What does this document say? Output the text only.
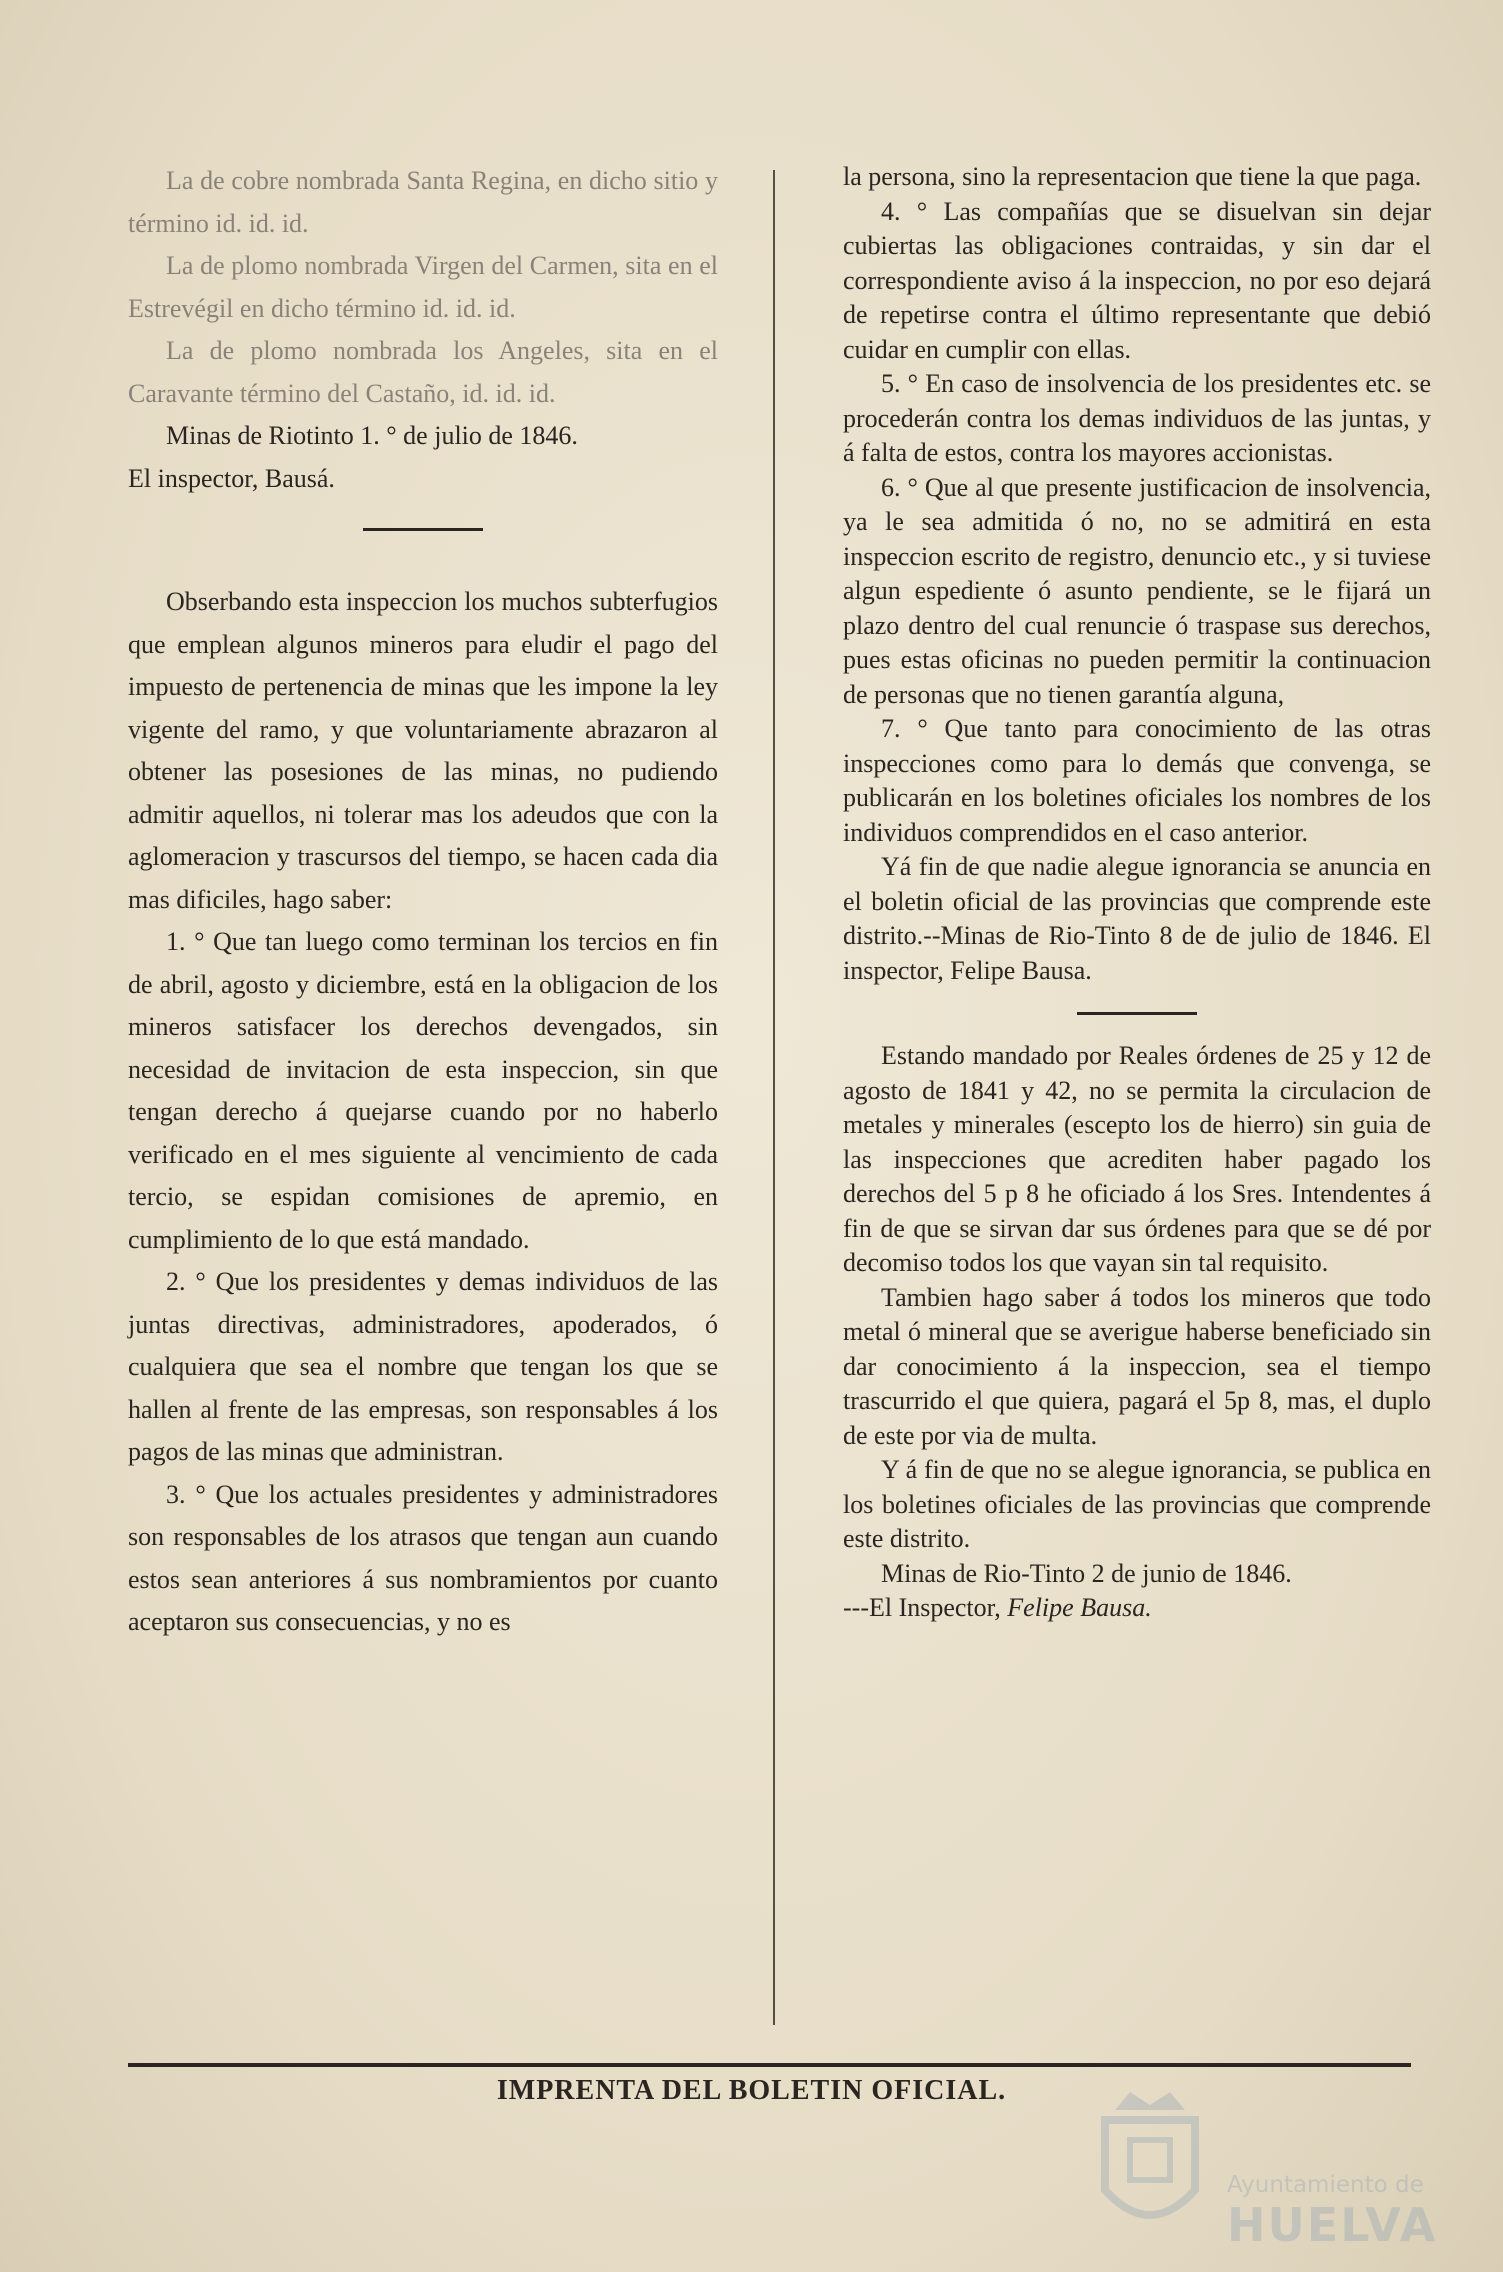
La de cobre nombrada Santa Regina, en dicho sitio y término id. id. id.

La de plomo nombrada Virgen del Carmen, sita en el Estrevégil en dicho término id. id. id.

La de plomo nombrada los Angeles, sita en el Caravante término del Castaño, id. id. id.

Minas de Riotinto 1. ° de julio de 1846.

El inspector, Bausá.

Obserbando esta inspeccion los muchos subterfugios que emplean algunos mineros para eludir el pago del impuesto de pertenencia de minas que les impone la ley vigente del ramo, y que voluntariamente abrazaron al obtener las posesiones de las minas, no pudiendo admitir aquellos, ni tolerar mas los adeudos que con la aglomeracion y trascursos del tiempo, se hacen cada dia mas dificiles, hago saber:

1. ° Que tan luego como terminan los tercios en fin de abril, agosto y diciembre, está en la obligacion de los mineros satisfacer los derechos devengados, sin necesidad de invitacion de esta inspeccion, sin que tengan derecho á quejarse cuando por no haberlo verificado en el mes siguiente al vencimiento de cada tercio, se espidan comisiones de apremio, en cumplimiento de lo que está mandado.

2. ° Que los presidentes y demas individuos de las juntas directivas, administradores, apoderados, ó cualquiera que sea el nombre que tengan los que se hallen al frente de las empresas, son responsables á los pagos de las minas que administran.

3. ° Que los actuales presidentes y administradores son responsables de los atrasos que tengan aun cuando estos sean anteriores á sus nombramientos por cuanto aceptaron sus consecuencias, y no es

la persona, sino la representacion que tiene la que paga.

4. ° Las compañías que se disuelvan sin dejar cubiertas las obligaciones contraidas, y sin dar el correspondiente aviso á la inspeccion, no por eso dejará de repetirse contra el último representante que debió cuidar en cumplir con ellas.

5. ° En caso de insolvencia de los presidentes etc. se procederán contra los demas individuos de las juntas, y á falta de estos, contra los mayores accionistas.

6. ° Que al que presente justificacion de insolvencia, ya le sea admitida ó no, no se admitirá en esta inspeccion escrito de registro, denuncio etc., y si tuviese algun espediente ó asunto pendiente, se le fijará un plazo dentro del cual renuncie ó traspase sus derechos, pues estas oficinas no pueden permitir la continuacion de personas que no tienen garantía alguna,

7. ° Que tanto para conocimiento de las otras inspecciones como para lo demás que convenga, se publicarán en los boletines oficiales los nombres de los individuos comprendidos en el caso anterior.

Yá fin de que nadie alegue ignorancia se anuncia en el boletin oficial de las provincias que comprende este distrito.--Minas de Rio-Tinto 8 de de julio de 1846. El inspector, Felipe Bausa.

Estando mandado por Reales órdenes de 25 y 12 de agosto de 1841 y 42, no se permita la circulacion de metales y minerales (escepto los de hierro) sin guia de las inspecciones que acrediten haber pagado los derechos del 5 p 8 he oficiado á los Sres. Intendentes á fin de que se sirvan dar sus órdenes para que se dé por decomiso todos los que vayan sin tal requisito.

Tambien hago saber á todos los mineros que todo metal ó mineral que se averigue haberse beneficiado sin dar conocimiento á la inspeccion, sea el tiempo trascurrido el que quiera, pagará el 5p 8, mas, el duplo de este por via de multa.

Y á fin de que no se alegue ignorancia, se publica en los boletines oficiales de las provincias que comprende este distrito.

Minas de Rio-Tinto 2 de junio de 1846.

---El Inspector, Felipe Bausa.

IMPRENTA DEL BOLETIN OFICIAL.
Ayuntamiento de
HUELVA
